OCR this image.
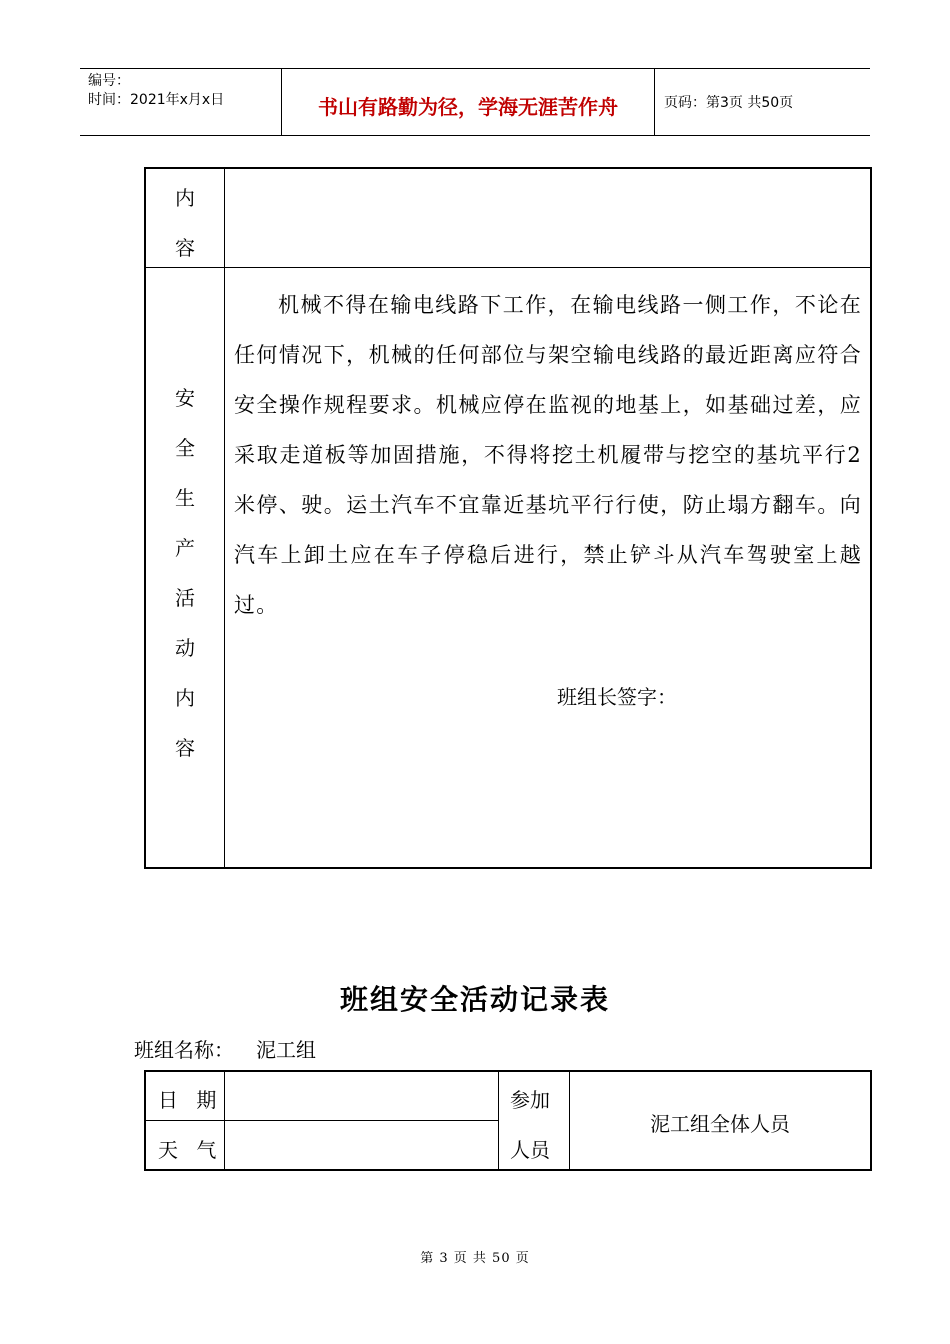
编号：
时间：2021年x月x日	书山有路勤为径，学海无涯苦作舟	页码：第3页 共50页
内
容
安
全
生
产
活
动
内
容
机械不得在输电线路下工作，在输电线路一侧工作，不论在任何情况下，机械的任何部位与架空输电线路的最近距离应符合安全操作规程要求。机械应停在监视的地基上，如基础过差，应采取走道板等加固措施，不得将挖土机履带与挖空的基坑平行2米停、驶。运土汽车不宜靠近基坑平行行使，防止塌方翻车。向汽车上卸土应在车子停稳后进行，禁止铲斗从汽车驾驶室上越过。
班组长签字：
班组安全活动记录表
班组名称： 泥工组
日 期
天 气
参加
人员
泥工组全体人员
第 3 页 共 50 页
